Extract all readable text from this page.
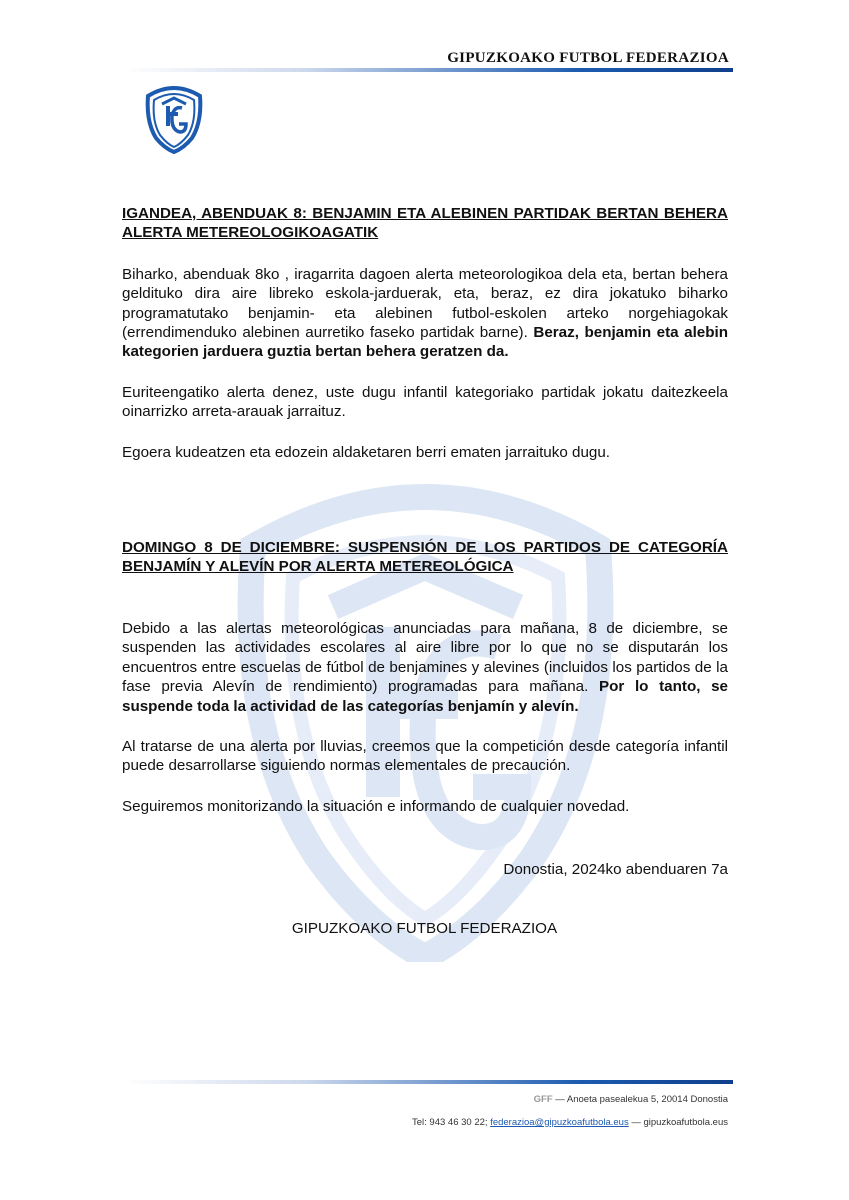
GIPUZKOAKO FUTBOL FEDERAZIOA

IGANDEA, ABENDUAK 8: BENJAMIN ETA ALEBINEN PARTIDAK BERTAN BEHERA ALERTA METEREOLOGIKOAGATIK

Biharko, abenduak 8ko , iragarrita dagoen alerta meteorologikoa dela eta, bertan behera geldituko dira aire libreko eskola-jarduerak, eta, beraz, ez dira jokatuko biharko programatutako benjamin- eta alebinen futbol-eskolen arteko norgehiagokak (errendimenduko alebinen aurretiko faseko partidak barne). Beraz, benjamin eta alebin kategorien jarduera guztia bertan behera geratzen da.

Euriteengatiko alerta denez, uste dugu infantil kategoriako partidak jokatu daitezkeela oinarrizko arreta-arauak jarraituz.

Egoera kudeatzen eta edozein aldaketaren berri ematen jarraituko dugu.

DOMINGO 8 DE DICIEMBRE: SUSPENSIÓN DE LOS PARTIDOS DE CATEGORÍA BENJAMÍN Y ALEVÍN POR ALERTA METEREOLÓGICA

Debido a las alertas meteorológicas anunciadas para mañana, 8 de diciembre, se suspenden las actividades escolares al aire libre por lo que no se disputarán los encuentros entre escuelas de fútbol de benjamines y alevines (incluidos los partidos de la fase previa Alevín de rendimiento) programadas para mañana. Por lo tanto, se suspende toda la actividad de las categorías benjamín y alevín.

Al tratarse de una alerta por lluvias, creemos que la competición desde categoría infantil puede desarrollarse siguiendo normas elementales de precaución.

Seguiremos monitorizando la situación e informando de cualquier novedad.

Donostia, 2024ko abenduaren 7a
GIPUZKOAKO FUTBOL FEDERAZIOA
GFF — Anoeta pasealekua 5, 20014 Donostia
Tel: 943 46 30 22; federazioa@gipuzkoafutbola.eus — gipuzkoafutbola.eus
